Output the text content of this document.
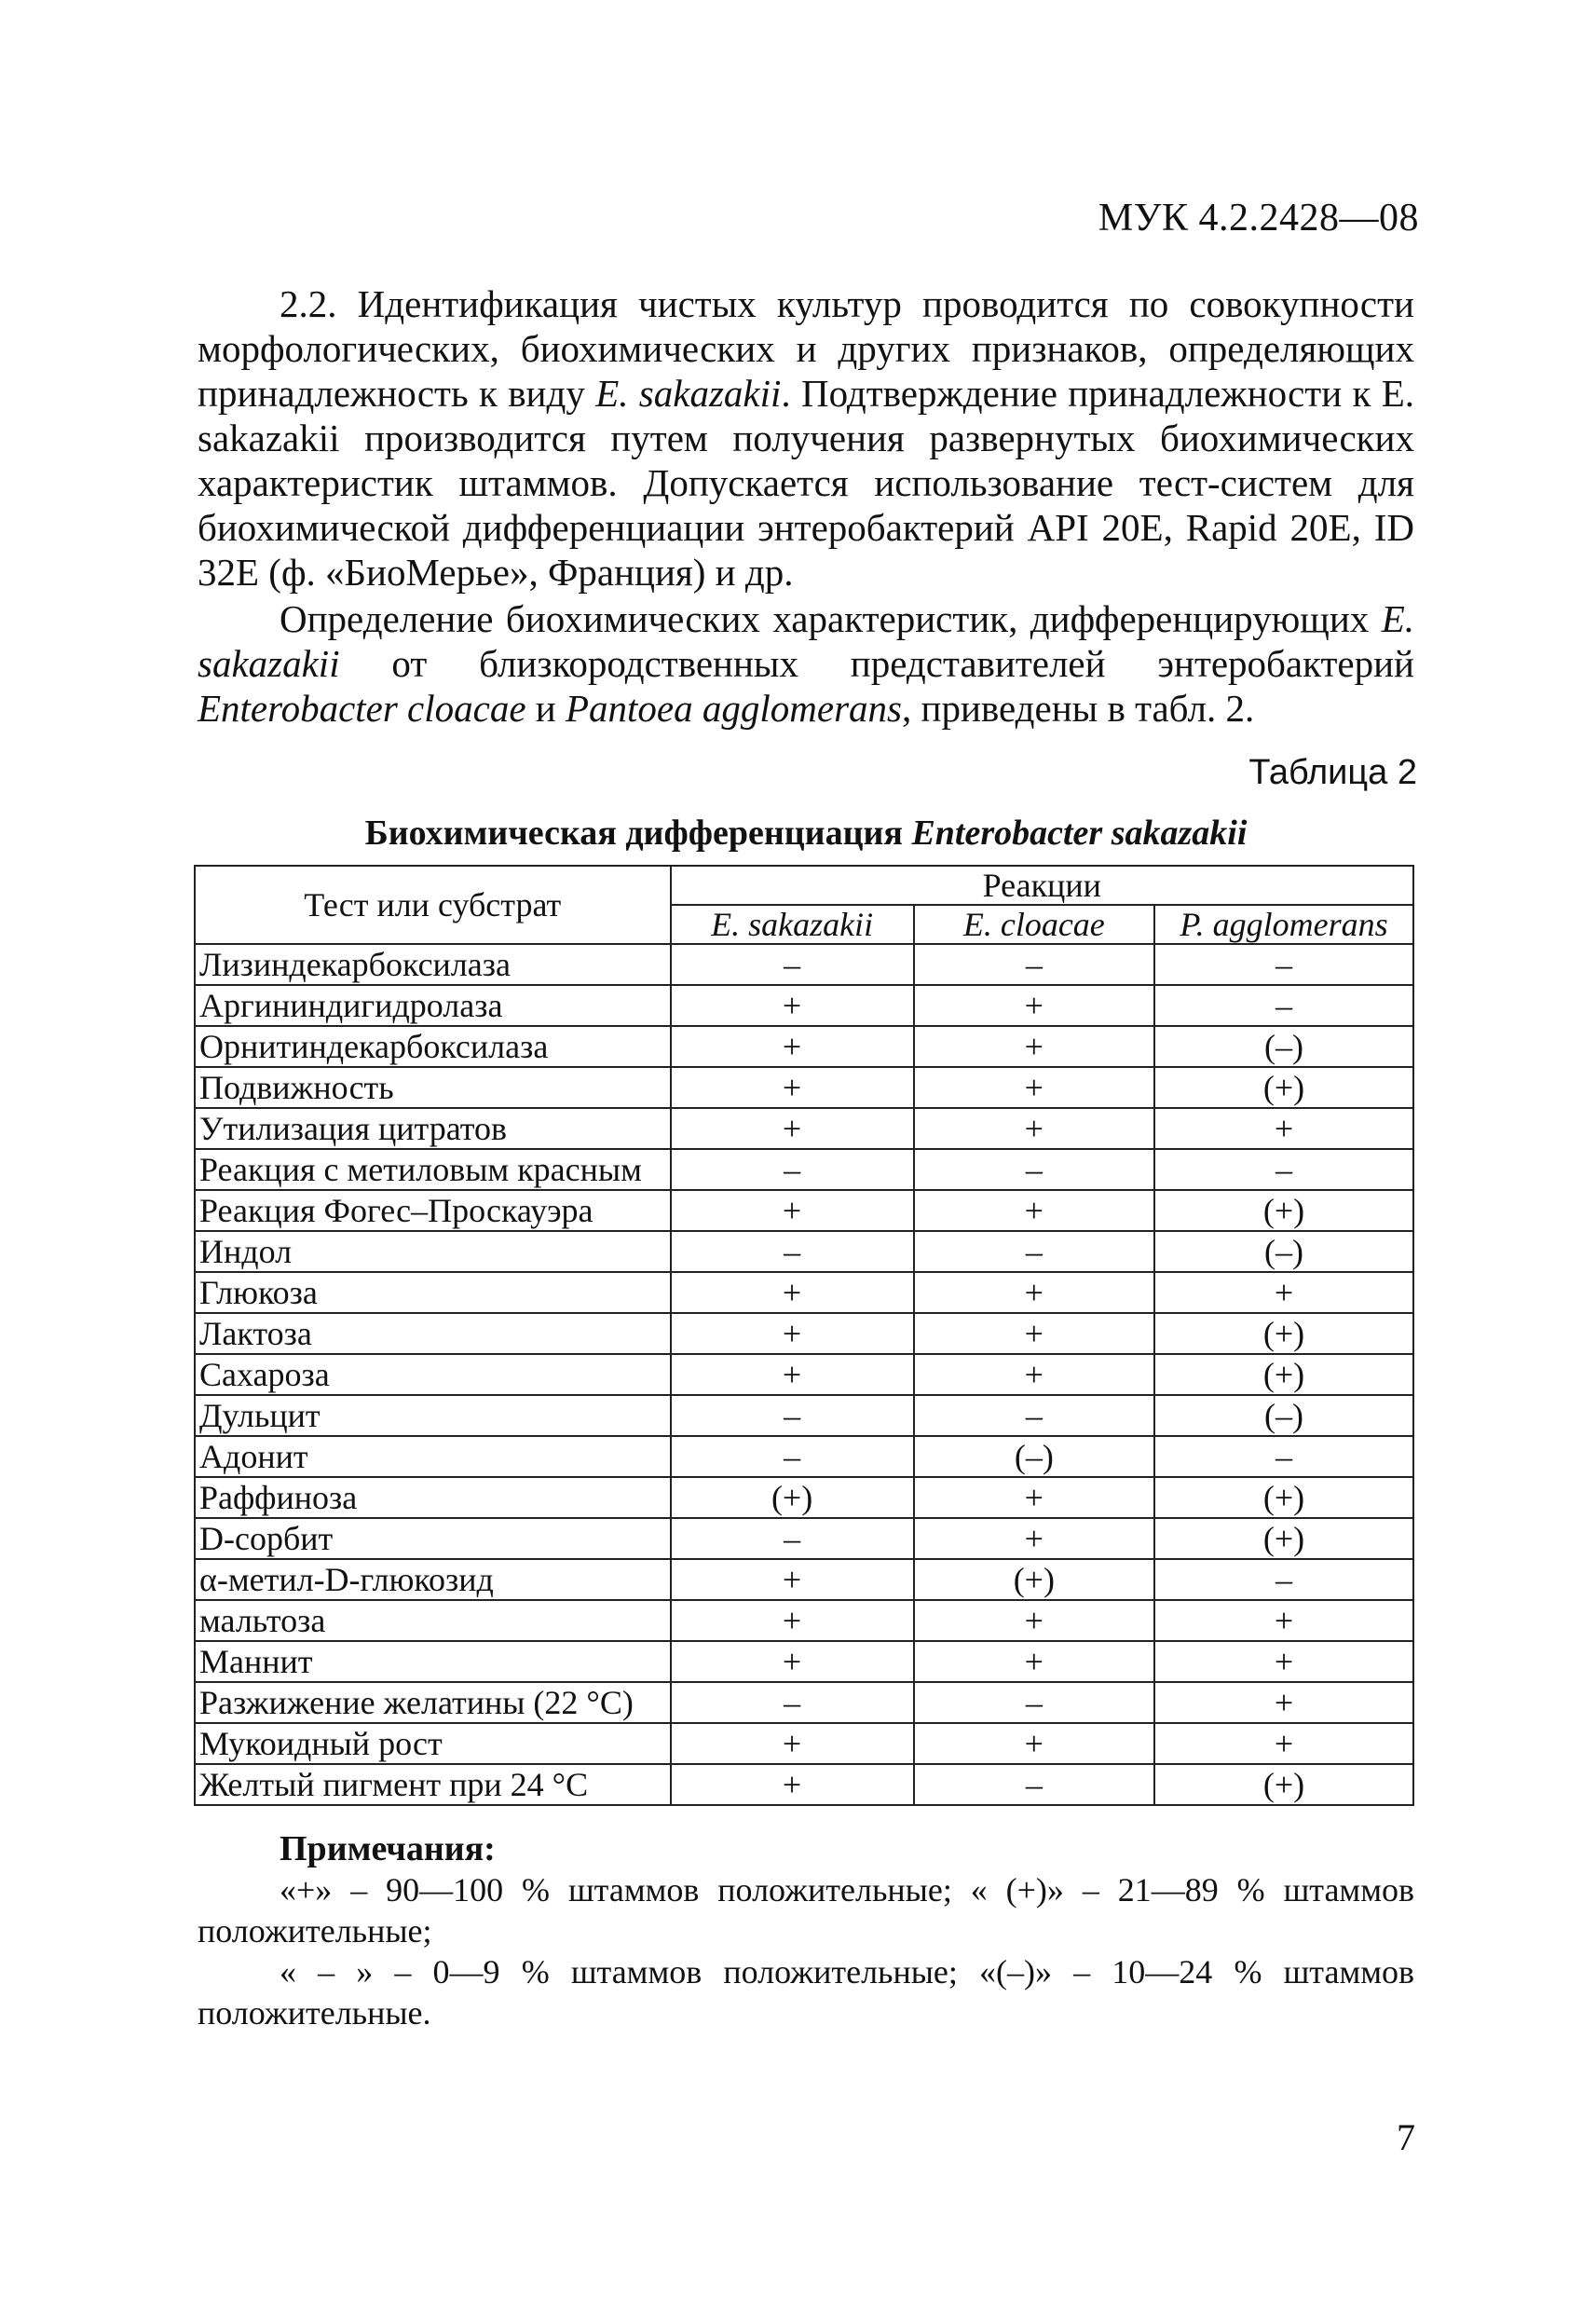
МУК 4.2.2428—08

2.2. Идентификация чистых культур проводится по совокупности морфологических, биохимических и других признаков, определяющих принадлежность к виду E. sakazakii. Подтверждение принадлежности к E. sakazakii производится путем получения развернутых биохимических характеристик штаммов. Допускается использование тест-систем для биохимической дифференциации энтеробактерий API 20E, Rapid 20E, ID 32E (ф. «БиоМерье», Франция) и др.

Определение биохимических характеристик, дифференцирующих E. sakazakii от близкородственных представителей энтеробактерий Enterobacter cloacae и Pantoea agglomerans, приведены в табл. 2.

Таблица 2
Биохимическая дифференциация Enterobacter sakazakii
Тест или субстрат	Реакции		
	E. sakazakii	E. cloacae	P. agglomerans
Лизиндекарбоксилаза	–	–	–
Аргининдигидролаза	+	+	–
Орнитиндекарбоксилаза	+	+	(–)
Подвижность	+	+	(+)
Утилизация цитратов	+	+	+
Реакция с метиловым красным	–	–	–
Реакция Фогес–Проскауэра	+	+	(+)
Индол	–	–	(–)
Глюкоза	+	+	+
Лактоза	+	+	(+)
Сахароза	+	+	(+)
Дульцит	–	–	(–)
Адонит	–	(–)	–
Раффиноза	(+)	+	(+)
D-сорбит	–	+	(+)
α-метил-D-глюкозид	+	(+)	–
мальтоза	+	+	+
Маннит	+	+	+
Разжижение желатины (22 °С)	–	–	+
Мукоидный рост	+	+	+
Желтый пигмент при 24 °С	+	–	(+)
Примечания:

«+» – 90—100 % штаммов положительные; « (+)» – 21—89 % штаммов положительные;

« – » – 0—9 % штаммов положительные; «(–)» – 10—24 % штаммов положительные.

7
